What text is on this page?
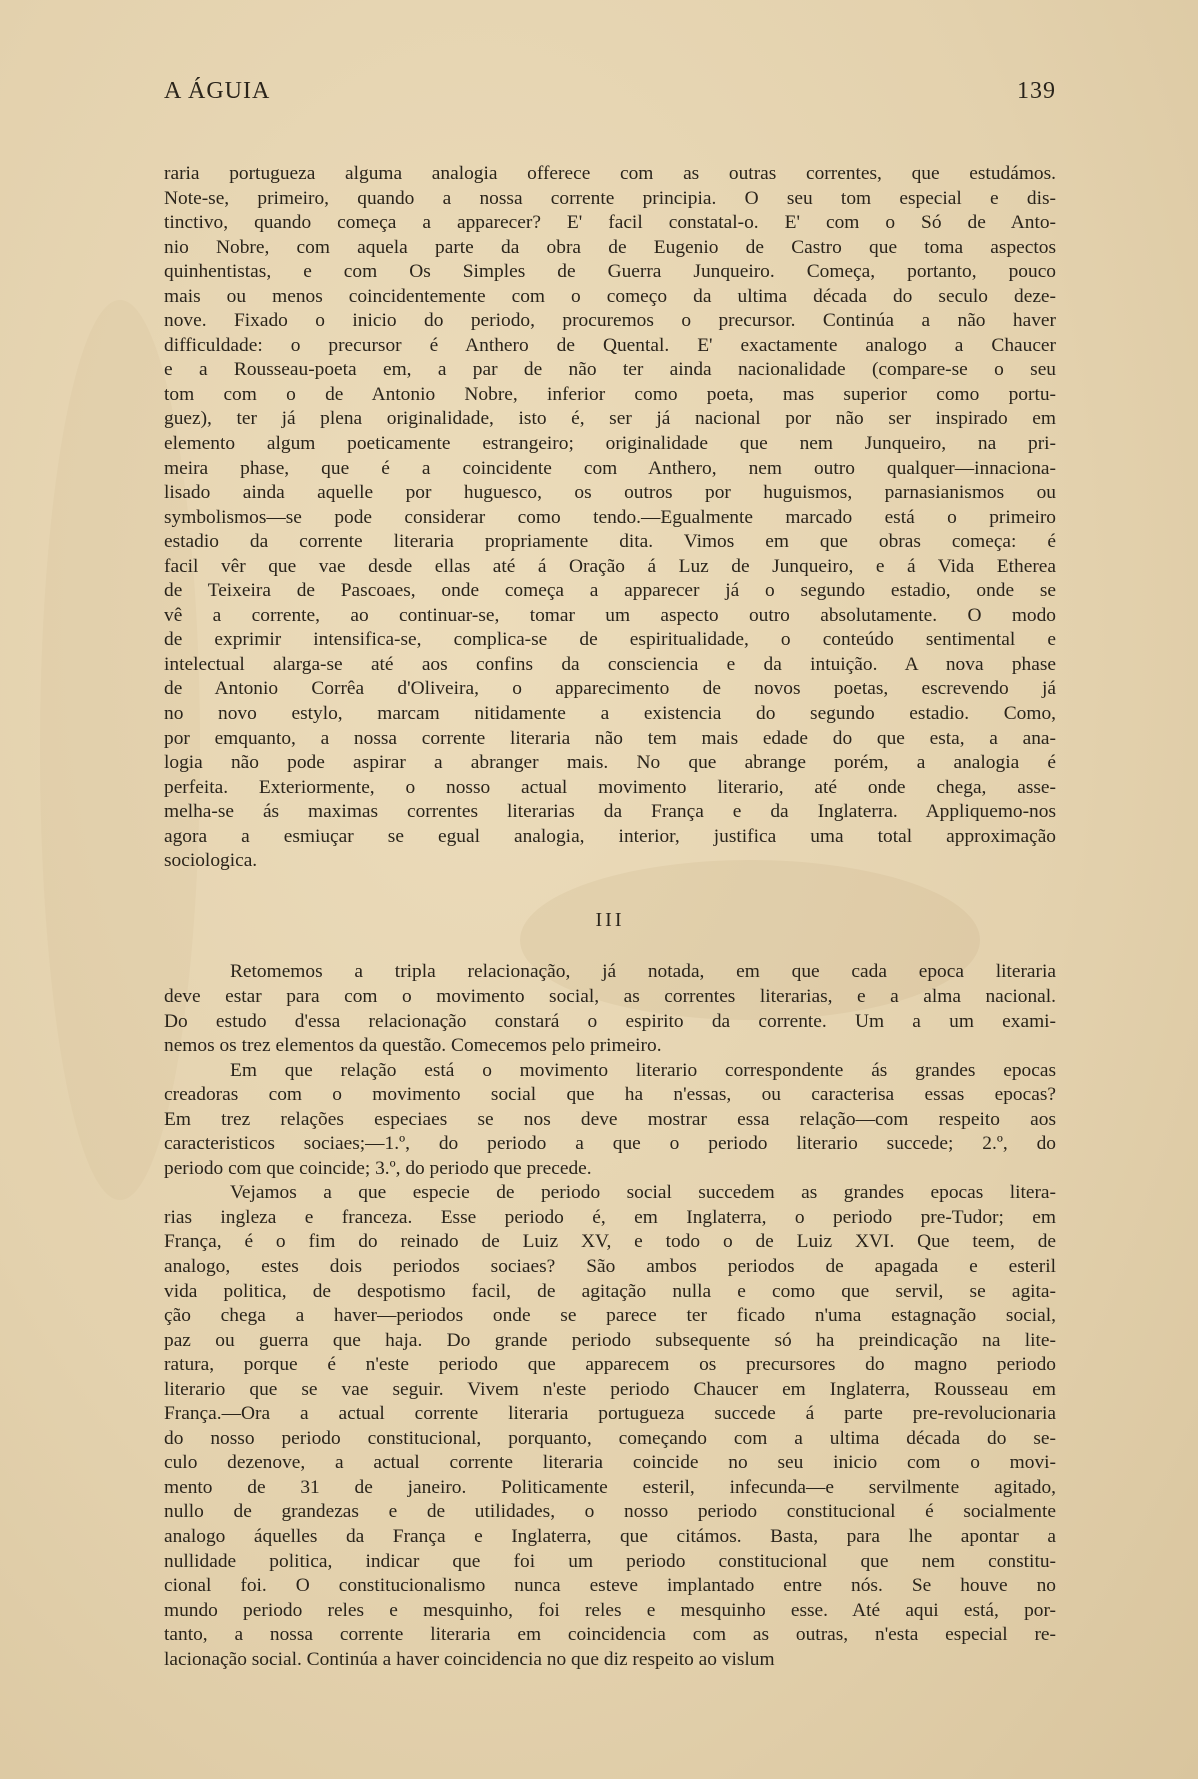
A ÁGUIA	139
raria portugueza alguma analogia offerece com as outras correntes, que estudámos.
Note-se, primeiro, quando a nossa corrente principia. O seu tom especial e dis-
tinctivo, quando começa a apparecer? E' facil constatal-o. E' com o Só de Anto-
nio Nobre, com aquela parte da obra de Eugenio de Castro que toma aspectos
quinhentistas, e com Os Simples de Guerra Junqueiro. Começa, portanto, pouco
mais ou menos coincidentemente com o começo da ultima década do seculo deze-
nove. Fixado o inicio do periodo, procuremos o precursor. Continúa a não haver
difficuldade: o precursor é Anthero de Quental. E' exactamente analogo a Chaucer
e a Rousseau-poeta em, a par de não ter ainda nacionalidade (compare-se o seu
tom com o de Antonio Nobre, inferior como poeta, mas superior como portu-
guez), ter já plena originalidade, isto é, ser já nacional por não ser inspirado em
elemento algum poeticamente estrangeiro; originalidade que nem Junqueiro, na pri-
meira phase, que é a coincidente com Anthero, nem outro qualquer—innaciona-
lisado ainda aquelle por huguesco, os outros por huguismos, parnasianismos ou
symbolismos—se pode considerar como tendo.—Egualmente marcado está o primeiro
estadio da corrente literaria propriamente dita. Vimos em que obras começa: é
facil vêr que vae desde ellas até á Oração á Luz de Junqueiro, e á Vida Etherea
de Teixeira de Pascoaes, onde começa a apparecer já o segundo estadio, onde se
vê a corrente, ao continuar-se, tomar um aspecto outro absolutamente. O modo
de exprimir intensifica-se, complica-se de espiritualidade, o conteúdo sentimental e
intelectual alarga-se até aos confins da consciencia e da intuição. A nova phase
de Antonio Corrêa d'Oliveira, o apparecimento de novos poetas, escrevendo já
no novo estylo, marcam nitidamente a existencia do segundo estadio. Como,
por emquanto, a nossa corrente literaria não tem mais edade do que esta, a ana-
logia não pode aspirar a abranger mais. No que abrange porém, a analogia é
perfeita. Exteriormente, o nosso actual movimento literario, até onde chega, asse-
melha-se ás maximas correntes literarias da França e da Inglaterra. Appliquemo-nos
agora a esmiuçar se egual analogia, interior, justifica uma total approximação
sociologica.
III
Retomemos a tripla relacionação, já notada, em que cada epoca literaria
deve estar para com o movimento social, as correntes literarias, e a alma nacional.
Do estudo d'essa relacionação constará o espirito da corrente. Um a um exami-
nemos os trez elementos da questão. Comecemos pelo primeiro.
Em que relação está o movimento literario correspondente ás grandes epocas
creadoras com o movimento social que ha n'essas, ou caracterisa essas epocas?
Em trez relações especiaes se nos deve mostrar essa relação—com respeito aos
caracteristicos sociaes;—1.º, do periodo a que o periodo literario succede; 2.º, do
periodo com que coincide; 3.º, do periodo que precede.
Vejamos a que especie de periodo social succedem as grandes epocas litera-
rias ingleza e franceza. Esse periodo é, em Inglaterra, o periodo pre-Tudor; em
França, é o fim do reinado de Luiz XV, e todo o de Luiz XVI. Que teem, de
analogo, estes dois periodos sociaes? São ambos periodos de apagada e esteril
vida politica, de despotismo facil, de agitação nulla e como que servil, se agita-
ção chega a haver—periodos onde se parece ter ficado n'uma estagnação social,
paz ou guerra que haja. Do grande periodo subsequente só ha preindicação na lite-
ratura, porque é n'este periodo que apparecem os precursores do magno periodo
literario que se vae seguir. Vivem n'este periodo Chaucer em Inglaterra, Rousseau em
França.—Ora a actual corrente literaria portugueza succede á parte pre-revolucionaria
do nosso periodo constitucional, porquanto, começando com a ultima década do se-
culo dezenove, a actual corrente literaria coincide no seu inicio com o movi-
mento de 31 de janeiro. Politicamente esteril, infecunda—e servilmente agitado,
nullo de grandezas e de utilidades, o nosso periodo constitucional é socialmente
analogo áquelles da França e Inglaterra, que citámos. Basta, para lhe apontar a
nullidade politica, indicar que foi um periodo constitucional que nem constitu-
cional foi. O constitucionalismo nunca esteve implantado entre nós. Se houve no
mundo periodo reles e mesquinho, foi reles e mesquinho esse. Até aqui está, por-
tanto, a nossa corrente literaria em coincidencia com as outras, n'esta especial re-
lacionação social. Continúa a haver coincidencia no que diz respeito ao vislum
